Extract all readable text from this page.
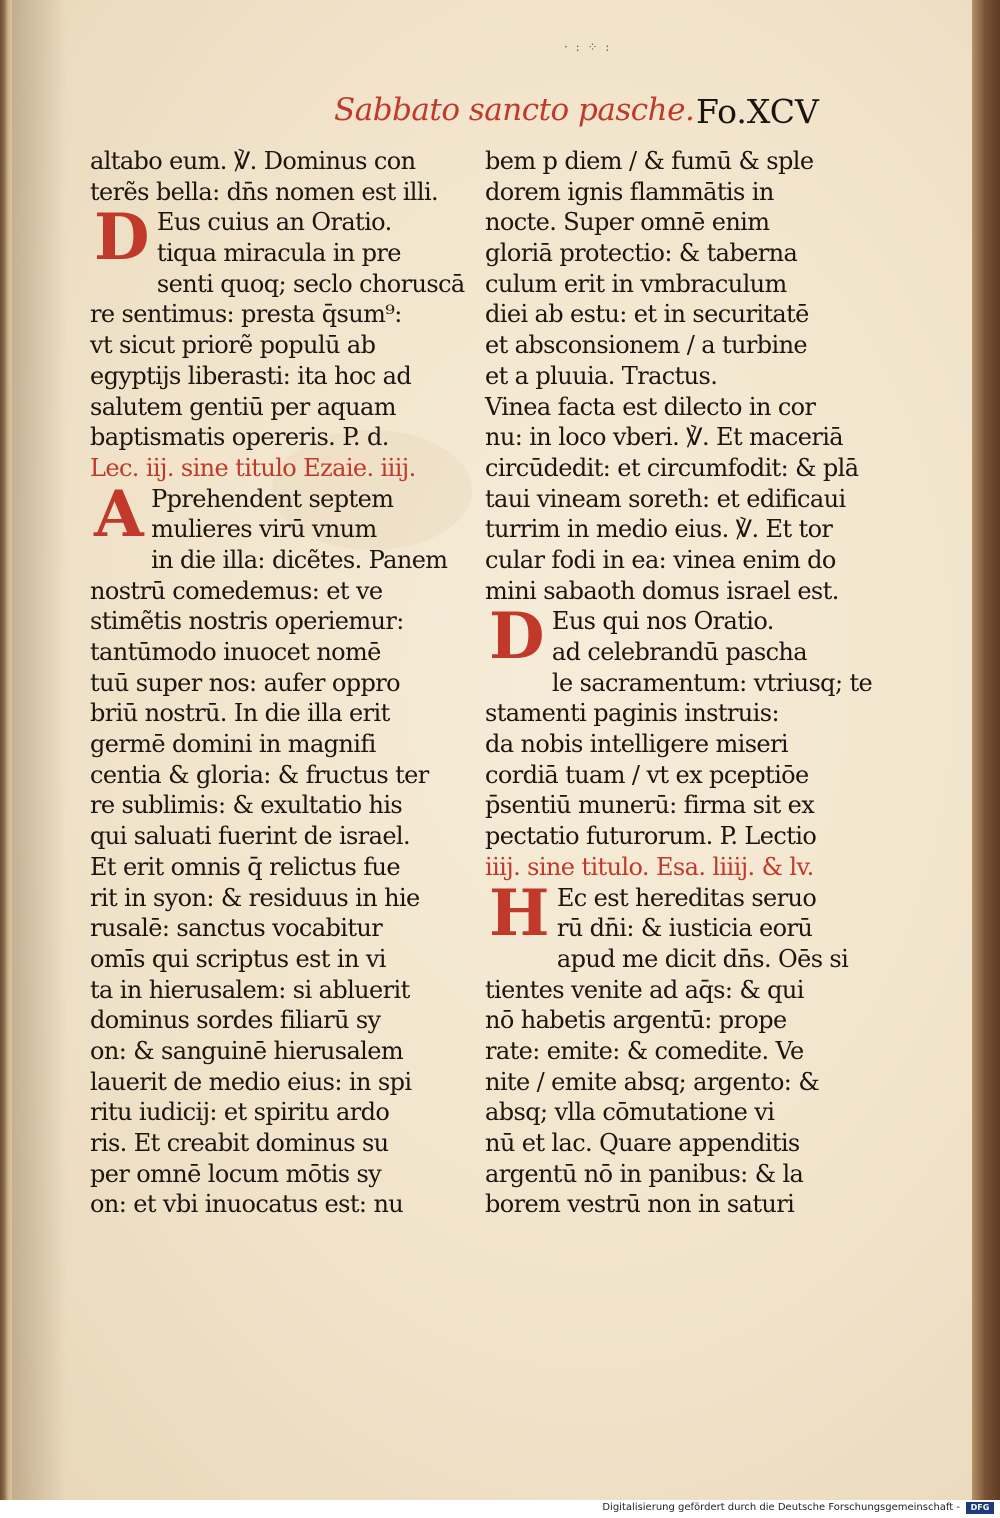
· : ⁘ :
Sabbato sancto pasche. Fo.XCV
altabo eum. ℣. Dominus con
terẽs bella: dn̄s nomen est illi.
D Eus cuius an Oratio.
tiqua miracula in pre
senti quoq; seclo choruscā
re sentimus: presta q̄sum⁹:
vt sicut priorẽ populū ab
egyptijs liberasti: ita hoc ad
salutem gentiū per aquam
baptismatis opereris. P. d.
Lec. iij. sine titulo Ezaie. iiij.
A Pprehendent septem
mulieres virū vnum
in die illa: dicẽtes. Panem
nostrū comedemus: et ve
stimẽtis nostris operiemur:
tantūmodo inuocet nomē
tuū super nos: aufer oppro
briū nostrū. In die illa erit
germē domini in magnifi
centia & gloria: & fructus ter
re sublimis: & exultatio his
qui saluati fuerint de israel.
Et erit omnis q̄ relictus fue
rit in syon: & residuus in hie
rusalē: sanctus vocabitur
omīs qui scriptus est in vi
ta in hierusalem: si abluerit
dominus sordes filiarū sy
on: & sanguinē hierusalem
lauerit de medio eius: in spi
ritu iudicij: et spiritu ardo
ris. Et creabit dominus su
per omnē locum mōtis sy
on: et vbi inuocatus est: nu
bem p diem / & fumū & sple
dorem ignis flammātis in
nocte. Super omnē enim
gloriā protectio: & taberna
culum erit in vmbraculum
diei ab estu: et in securitatē
et absconsionem / a turbine
et a pluuia. Tractus.
Vinea facta est dilecto in cor
nu: in loco vberi. ℣. Et maceriā
circūdedit: et circumfodit: & plā
taui vineam soreth: et edificaui
turrim in medio eius. ℣. Et tor
cular fodi in ea: vinea enim do
mini sabaoth domus israel est.
D Eus qui nos Oratio.
ad celebrandū pascha
le sacramentum: vtriusq; te
stamenti paginis instruis:
da nobis intelligere miseri
cordiā tuam / vt ex pceptiōe
p̄sentiū munerū: firma sit ex
pectatio futurorum. P. Lectio
iiij. sine titulo. Esa. liiij. & lv.
H Ec est hereditas seruo
rū dn̄i: & iusticia eorū
apud me dicit dn̄s. Oēs si
tientes venite ad aq̄s: & qui
nō habetis argentū: prope
rate: emite: & comedite. Ve
nite / emite absq; argento: &
absq; vlla cōmutatione vi
nū et lac. Quare appenditis
argentū nō in panibus: & la
borem vestrū non in saturi
Digitalisierung gefördert durch die Deutsche Forschungsgemeinschaft -	DFG
